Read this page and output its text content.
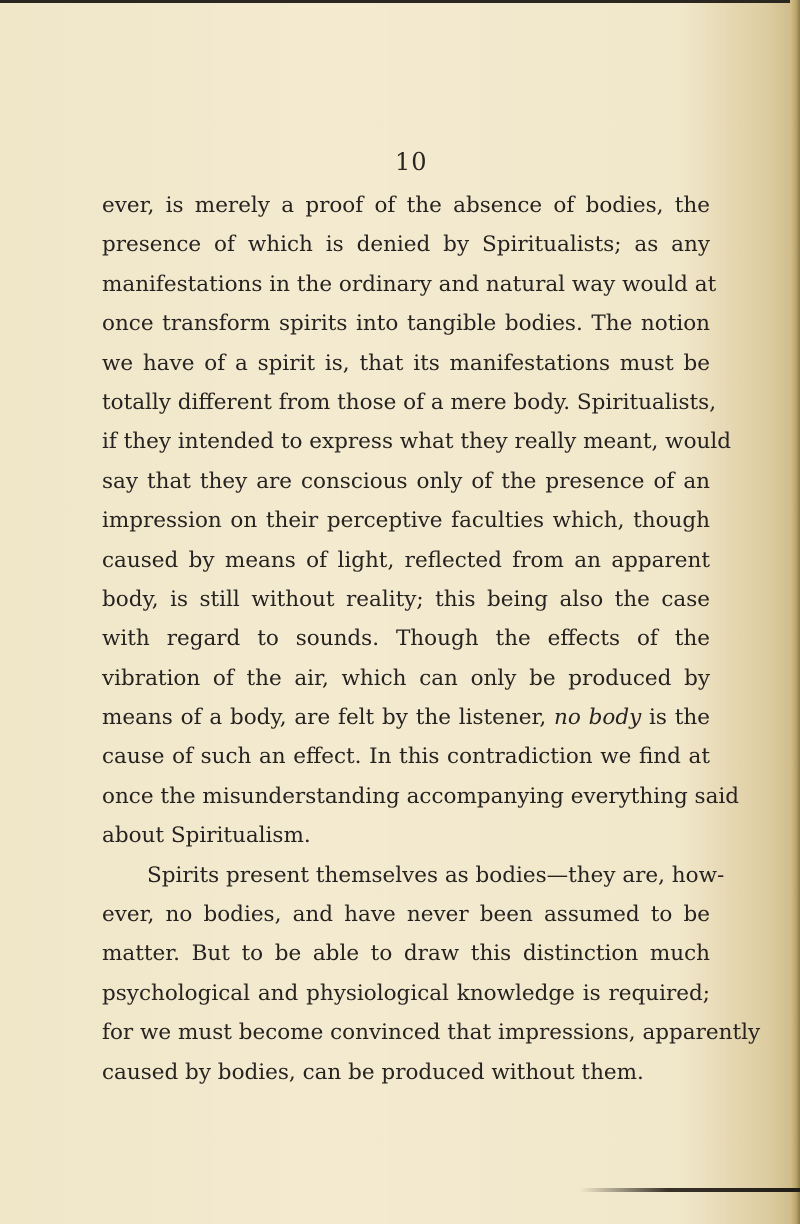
10
ever, is merely a proof of the absence of bodies, the
presence of which is denied by Spiritualists; as any
manifestations in the ordinary and natural way would at
once transform spirits into tangible bodies. The notion
we have of a spirit is, that its manifestations must be
totally different from those of a mere body. Spiritualists,
if they intended to express what they really meant, would
say that they are conscious only of the presence of an
impression on their perceptive faculties which, though
caused by means of light, reflected from an apparent
body, is still without reality; this being also the case
with regard to sounds. Though the effects of the
vibration of the air, which can only be produced by
means of a body, are felt by the listener, no body is the
cause of such an effect. In this contradiction we find at
once the misunderstanding accompanying everything said
about Spiritualism.
Spirits present themselves as bodies—they are, how-
ever, no bodies, and have never been assumed to be
matter. But to be able to draw this distinction much
psychological and physiological knowledge is required;
for we must become convinced that impressions, apparently
caused by bodies, can be produced without them.
